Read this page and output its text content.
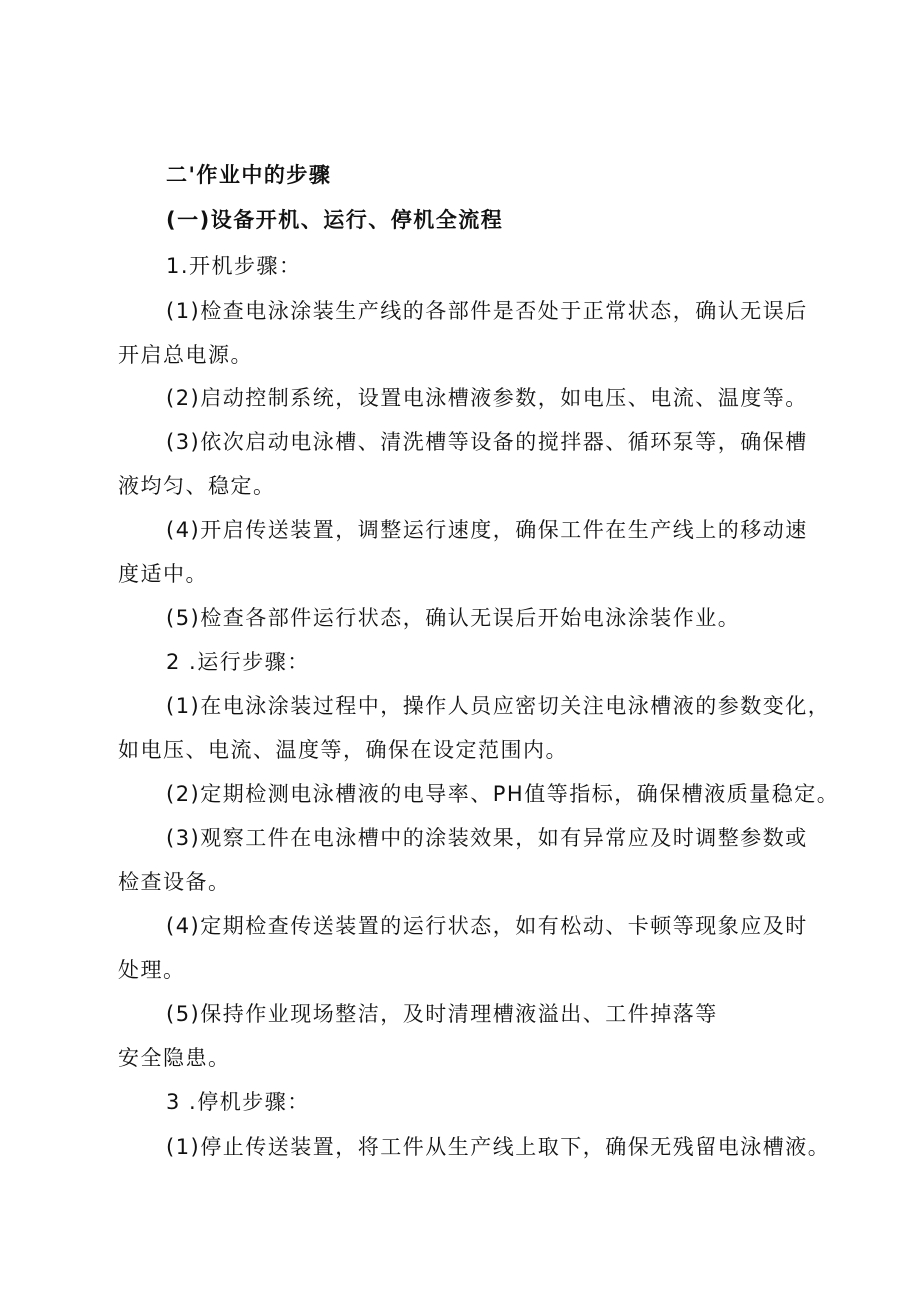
二'作业中的步骤
(一)设备开机、运行、停机全流程
1.开机步骤：
(1)检查电泳涂装生产线的各部件是否处于正常状态，确认无误后
开启总电源。
(2)启动控制系统，设置电泳槽液参数，如电压、电流、温度等。
(3)依次启动电泳槽、清洗槽等设备的搅拌器、循环泵等，确保槽
液均匀、稳定。
(4)开启传送装置，调整运行速度，确保工件在生产线上的移动速
度适中。
(5)检查各部件运行状态，确认无误后开始电泳涂装作业。
2 .运行步骤：
(1)在电泳涂装过程中，操作人员应密切关注电泳槽液的参数变化，
如电压、电流、温度等，确保在设定范围内。
(2)定期检测电泳槽液的电导率、PH值等指标，确保槽液质量稳定。
(3)观察工件在电泳槽中的涂装效果，如有异常应及时调整参数或
检查设备。
(4)定期检查传送装置的运行状态，如有松动、卡顿等现象应及时
处理。
(5)保持作业现场整洁，及时清理槽液溢出、工件掉落等
安全隐患。
3 .停机步骤：
(1)停止传送装置，将工件从生产线上取下，确保无残留电泳槽液。
